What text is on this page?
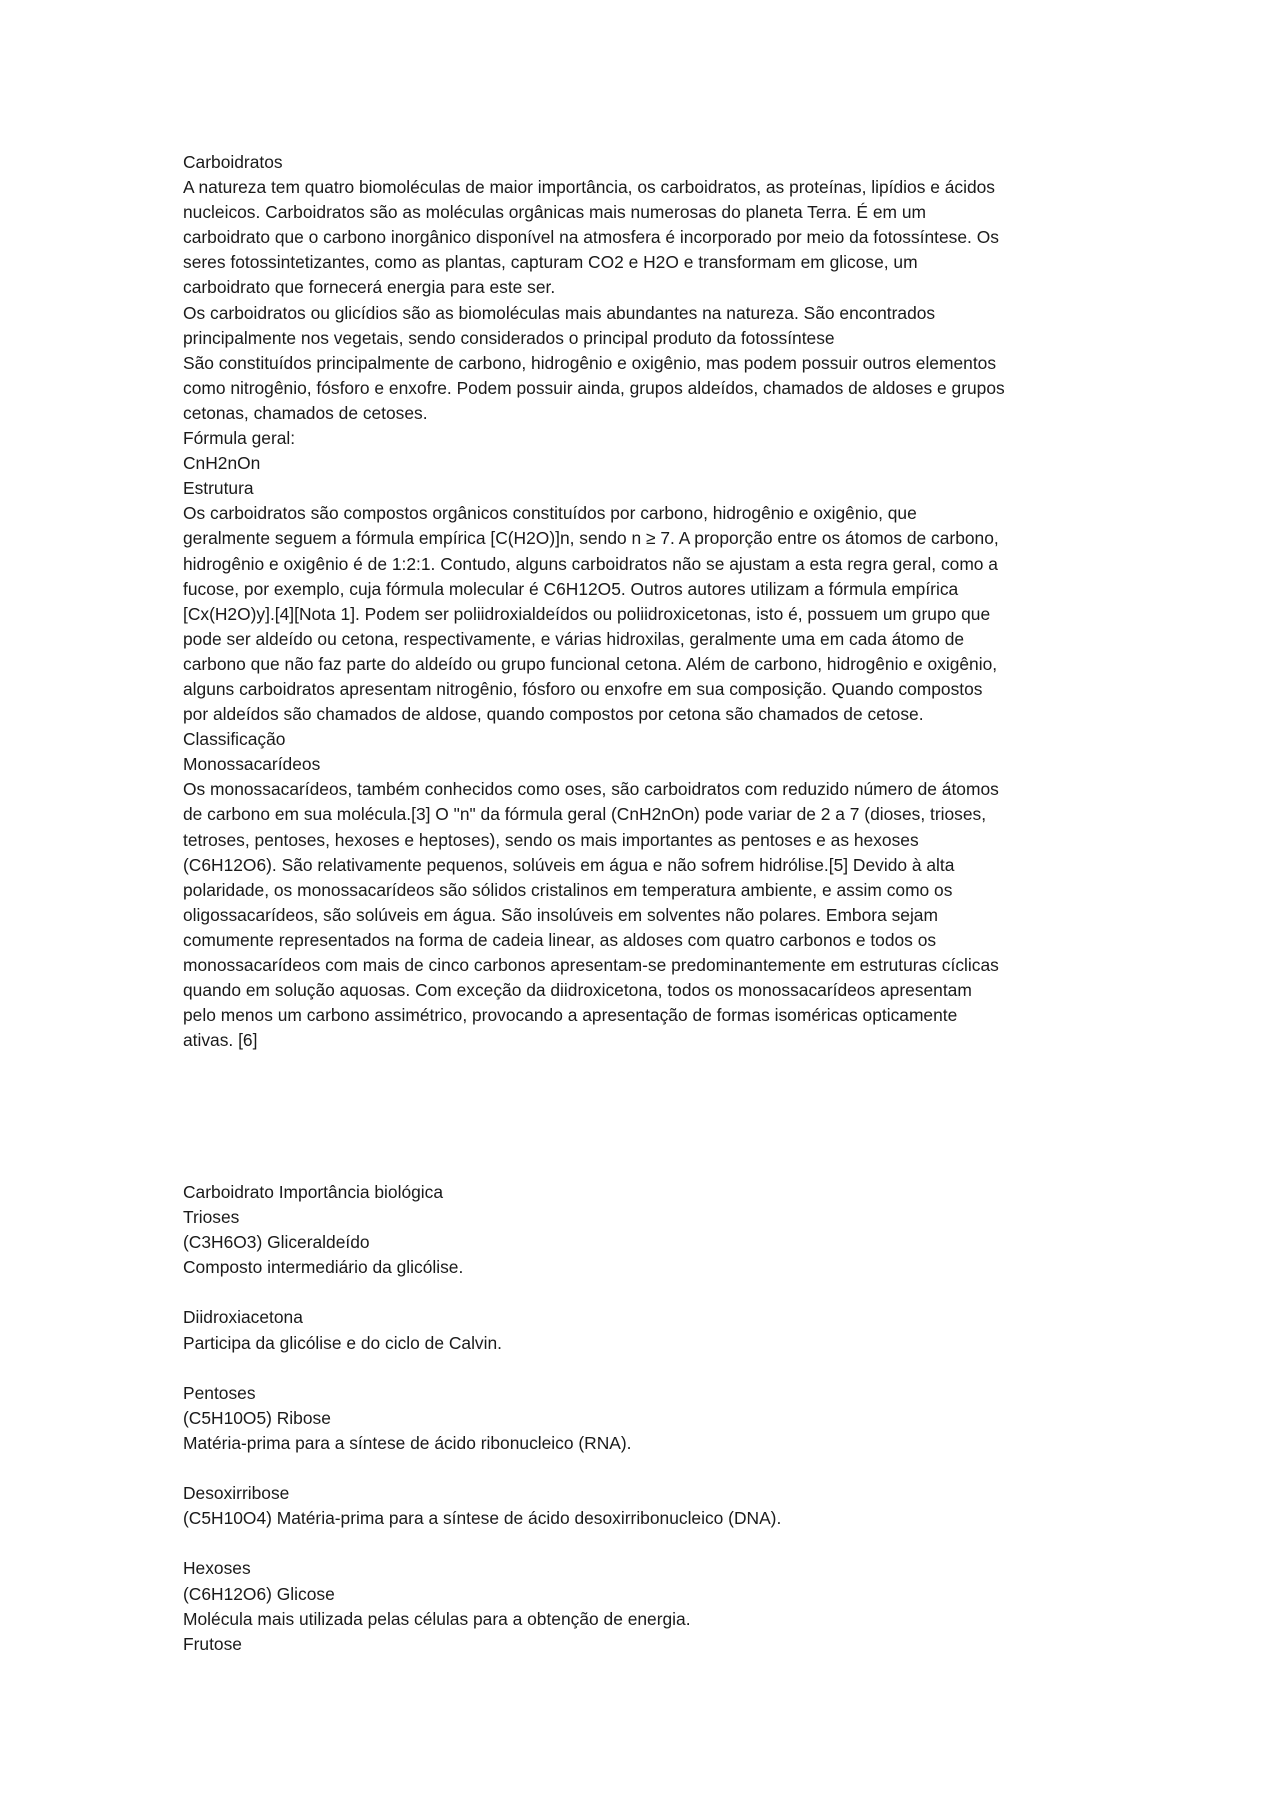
Carboidratos
A natureza tem quatro biomoléculas de maior importância, os carboidratos, as proteínas, lipídios e ácidos
nucleicos. Carboidratos são as moléculas orgânicas mais numerosas do planeta Terra. É em um
carboidrato que o carbono inorgânico disponível na atmosfera é incorporado por meio da fotossíntese. Os
seres fotossintetizantes, como as plantas, capturam CO2 e H2O e transformam em glicose, um
carboidrato que fornecerá energia para este ser.
Os carboidratos ou glicídios são as biomoléculas mais abundantes na natureza. São encontrados
principalmente nos vegetais, sendo considerados o principal produto da fotossíntese
São constituídos principalmente de carbono, hidrogênio e oxigênio, mas podem possuir outros elementos
como nitrogênio, fósforo e enxofre. Podem possuir ainda, grupos aldeídos, chamados de aldoses e grupos
cetonas, chamados de cetoses.
Fórmula geral:
CnH2nOn
Estrutura
Os carboidratos são compostos orgânicos constituídos por carbono, hidrogênio e oxigênio, que
geralmente seguem a fórmula empírica [C(H2O)]n, sendo n ≥ 7. A proporção entre os átomos de carbono,
hidrogênio e oxigênio é de 1:2:1. Contudo, alguns carboidratos não se ajustam a esta regra geral, como a
fucose, por exemplo, cuja fórmula molecular é C6H12O5. Outros autores utilizam a fórmula empírica
[Cx(H2O)y].[4][Nota 1]. Podem ser poliidroxialdeídos ou poliidroxicetonas, isto é, possuem um grupo que
pode ser aldeído ou cetona, respectivamente, e várias hidroxilas, geralmente uma em cada átomo de
carbono que não faz parte do aldeído ou grupo funcional cetona. Além de carbono, hidrogênio e oxigênio,
alguns carboidratos apresentam nitrogênio, fósforo ou enxofre em sua composição. Quando compostos
por aldeídos são chamados de aldose, quando compostos por cetona são chamados de cetose.
Classificação
Monossacarídeos
Os monossacarídeos, também conhecidos como oses, são carboidratos com reduzido número de átomos
de carbono em sua molécula.[3] O "n" da fórmula geral (CnH2nOn) pode variar de 2 a 7 (dioses, trioses,
tetroses, pentoses, hexoses e heptoses), sendo os mais importantes as pentoses e as hexoses
(C6H12O6). São relativamente pequenos, solúveis em água e não sofrem hidrólise.[5] Devido à alta
polaridade, os monossacarídeos são sólidos cristalinos em temperatura ambiente, e assim como os
oligossacarídeos, são solúveis em água. São insolúveis em solventes não polares. Embora sejam
comumente representados na forma de cadeia linear, as aldoses com quatro carbonos e todos os
monossacarídeos com mais de cinco carbonos apresentam-se predominantemente em estruturas cíclicas
quando em solução aquosas. Com exceção da diidroxicetona, todos os monossacarídeos apresentam
pelo menos um carbono assimétrico, provocando a apresentação de formas isoméricas opticamente
ativas. [6]
Carboidrato Importância biológica
Trioses
(C3H6O3) Gliceraldeído
Composto intermediário da glicólise.
Diidroxiacetona
Participa da glicólise e do ciclo de Calvin.
Pentoses
(C5H10O5) Ribose
Matéria-prima para a síntese de ácido ribonucleico (RNA).
Desoxirribose
(C5H10O4) Matéria-prima para a síntese de ácido desoxirribonucleico (DNA).
Hexoses
(C6H12O6) Glicose
Molécula mais utilizada pelas células para a obtenção de energia.
Frutose
